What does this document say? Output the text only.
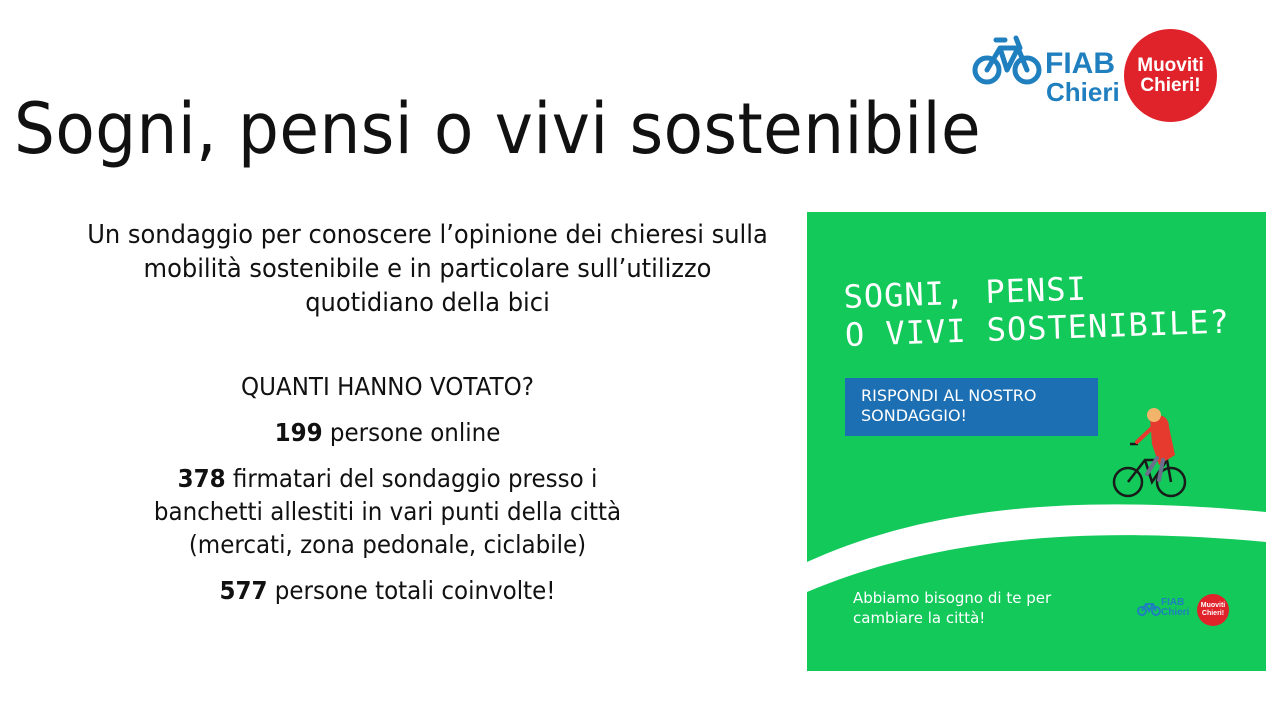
Sogni, pensi o vivi sostenibile
Un sondaggio per conoscere l’opinione dei chieresi sulla mobilità sostenibile e in particolare sull’utilizzo quotidiano della bici

QUANTI HANNO VOTATO?

199 persone online

378 firmatari del sondaggio presso i banchetti allestiti in vari punti della città (mercati, zona pedonale, ciclabile)

577 persone totali coinvolte!

FIAB
Chieri
Muoviti
Chieri!
SOGNI, PENSI
O VIVI SOSTENIBILE?
RISPONDI AL NOSTRO
SONDAGGIO!
Abbiamo bisogno di te per
cambiare la città!
FIAB
Chieri
Muoviti
Chieri!
